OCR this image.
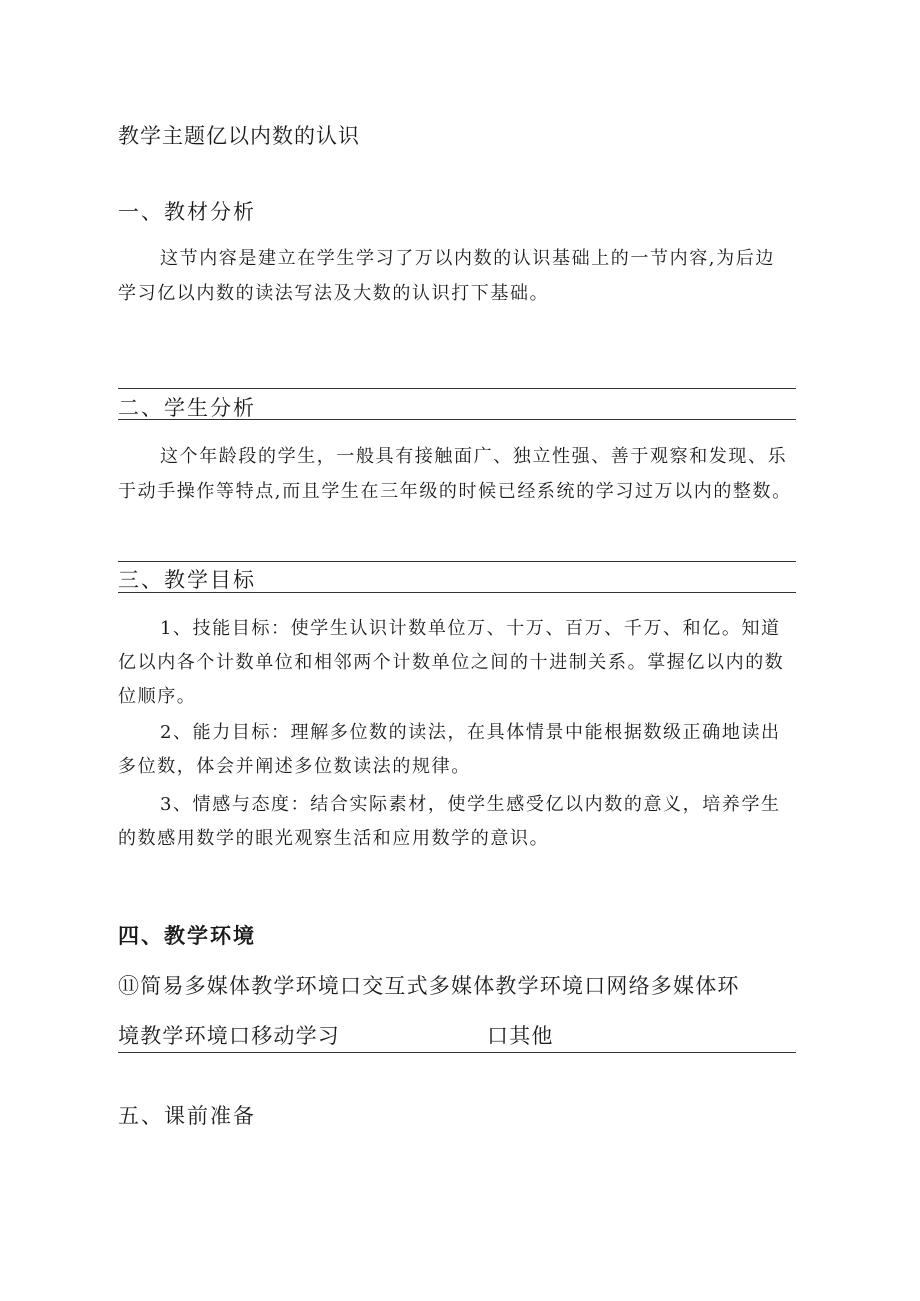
教学主题亿以内数的认识
一、教材分析
这节内容是建立在学生学习了万以内数的认识基础上的一节内容,为后边
学习亿以内数的读法写法及大数的认识打下基础。
二、学生分析
这个年龄段的学生，一般具有接触面广、独立性强、善于观察和发现、乐
于动手操作等特点,而且学生在三年级的时候已经系统的学习过万以内的整数。
三、教学目标
1、技能目标：使学生认识计数单位万、十万、百万、千万、和亿。知道
亿以内各个计数单位和相邻两个计数单位之间的十进制关系。掌握亿以内的数
位顺序。
2、能力目标：理解多位数的读法，在具体情景中能根据数级正确地读出
多位数，体会并阐述多位数读法的规律。
3、情感与态度：结合实际素材，使学生感受亿以内数的意义，培养学生
的数感用数学的眼光观察生活和应用数学的意识。
四、教学环境
⑪简易多媒体教学环境口交互式多媒体教学环境口网络多媒体环
境教学环境口移动学习	口其他
五、课前准备
